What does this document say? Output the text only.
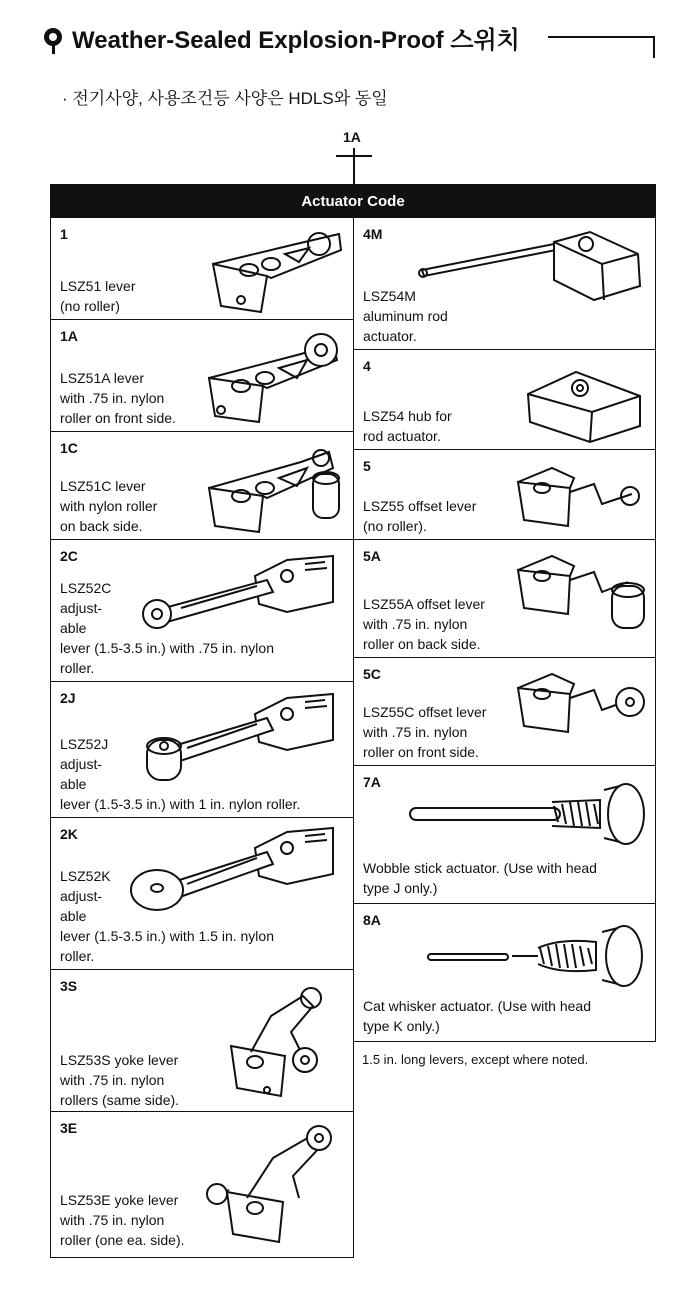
Weather-Sealed Explosion-Proof 스위치
· 전기사양, 사용조건등 사양은 HDLS와 동일
1A
Actuator Code
1
LSZ51 lever
(no roller)
1A
LSZ51A lever
with .75 in. nylon
roller on front side.
1C
LSZ51C lever
with nylon roller
on back side.
2C
LSZ52C
adjust-
able
lever (1.5-3.5 in.) with .75 in. nylon
roller.
2J
LSZ52J
adjust-
able
lever (1.5-3.5 in.) with 1 in. nylon roller.
2K
LSZ52K
adjust-
able
lever (1.5-3.5 in.) with 1.5 in. nylon
roller.
3S
LSZ53S yoke lever
with .75 in. nylon
rollers (same side).
3E
LSZ53E yoke lever
with .75 in. nylon
roller (one ea. side).
4M
LSZ54M
aluminum rod
actuator.
4
LSZ54 hub for
rod actuator.
5
LSZ55 offset lever
(no roller).
5A
LSZ55A offset lever
with .75 in. nylon
roller on back side.
5C
LSZ55C offset lever
with .75 in. nylon
roller on front side.
7A
Wobble stick actuator. (Use with head
type J only.)
8A
Cat whisker actuator. (Use with head
type K only.)
1.5 in. long levers, except where noted.
